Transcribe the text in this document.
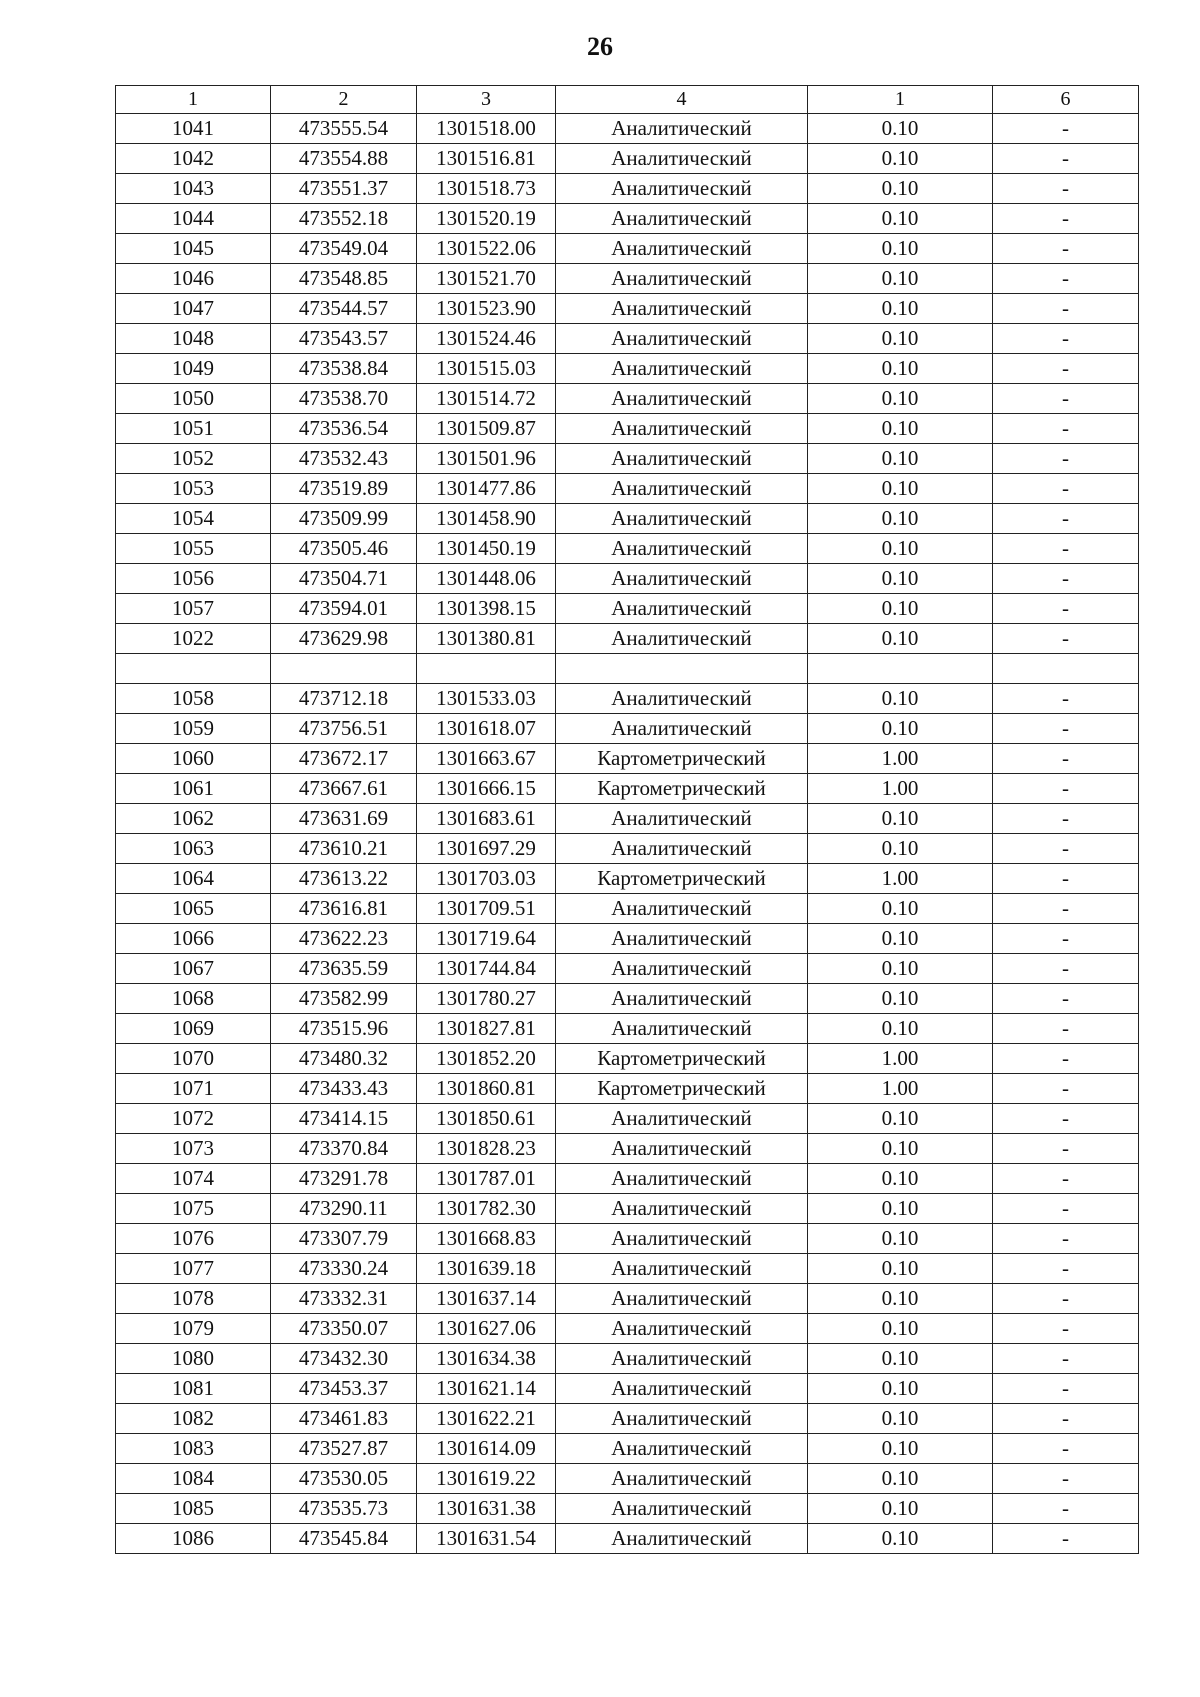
26
1	2	3	4	1	6
1041	473555.54	1301518.00	Аналитический	0.10	-
1042	473554.88	1301516.81	Аналитический	0.10	-
1043	473551.37	1301518.73	Аналитический	0.10	-
1044	473552.18	1301520.19	Аналитический	0.10	-
1045	473549.04	1301522.06	Аналитический	0.10	-
1046	473548.85	1301521.70	Аналитический	0.10	-
1047	473544.57	1301523.90	Аналитический	0.10	-
1048	473543.57	1301524.46	Аналитический	0.10	-
1049	473538.84	1301515.03	Аналитический	0.10	-
1050	473538.70	1301514.72	Аналитический	0.10	-
1051	473536.54	1301509.87	Аналитический	0.10	-
1052	473532.43	1301501.96	Аналитический	0.10	-
1053	473519.89	1301477.86	Аналитический	0.10	-
1054	473509.99	1301458.90	Аналитический	0.10	-
1055	473505.46	1301450.19	Аналитический	0.10	-
1056	473504.71	1301448.06	Аналитический	0.10	-
1057	473594.01	1301398.15	Аналитический	0.10	-
1022	473629.98	1301380.81	Аналитический	0.10	-

1058	473712.18	1301533.03	Аналитический	0.10	-
1059	473756.51	1301618.07	Аналитический	0.10	-
1060	473672.17	1301663.67	Картометрический	1.00	-
1061	473667.61	1301666.15	Картометрический	1.00	-
1062	473631.69	1301683.61	Аналитический	0.10	-
1063	473610.21	1301697.29	Аналитический	0.10	-
1064	473613.22	1301703.03	Картометрический	1.00	-
1065	473616.81	1301709.51	Аналитический	0.10	-
1066	473622.23	1301719.64	Аналитический	0.10	-
1067	473635.59	1301744.84	Аналитический	0.10	-
1068	473582.99	1301780.27	Аналитический	0.10	-
1069	473515.96	1301827.81	Аналитический	0.10	-
1070	473480.32	1301852.20	Картометрический	1.00	-
1071	473433.43	1301860.81	Картометрический	1.00	-
1072	473414.15	1301850.61	Аналитический	0.10	-
1073	473370.84	1301828.23	Аналитический	0.10	-
1074	473291.78	1301787.01	Аналитический	0.10	-
1075	473290.11	1301782.30	Аналитический	0.10	-
1076	473307.79	1301668.83	Аналитический	0.10	-
1077	473330.24	1301639.18	Аналитический	0.10	-
1078	473332.31	1301637.14	Аналитический	0.10	-
1079	473350.07	1301627.06	Аналитический	0.10	-
1080	473432.30	1301634.38	Аналитический	0.10	-
1081	473453.37	1301621.14	Аналитический	0.10	-
1082	473461.83	1301622.21	Аналитический	0.10	-
1083	473527.87	1301614.09	Аналитический	0.10	-
1084	473530.05	1301619.22	Аналитический	0.10	-
1085	473535.73	1301631.38	Аналитический	0.10	-
1086	473545.84	1301631.54	Аналитический	0.10	-
